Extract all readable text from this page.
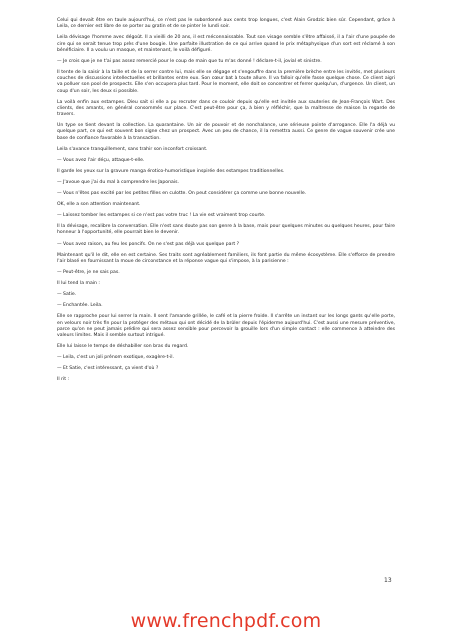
Celui qui devait être en taule aujourd'hui, ce n'est pas le subordonné aux cents trop longues, c'est Alain Grodzic bien sûr. Cependant, grâce à Leila, ce dernier est libre de se porter au gratin et de se pinter le lundi soir.

Leila dévisage l'homme avec dégoût. Il a vieilli de 20 ans, il est méconnaissable. Tout son visage semble s'être affaissé, il a l'air d'une poupée de cire qui se serait tenue trop près d'une bougie. Une parfaite illustration de ce qui arrive quand le prix métaphysique d'un sort est réclamé à son bénéficiaire. Il a voulu un masque, et maintenant, le voilà défiguré.

— Je crois que je ne t'ai pas assez remercié pour le coup de main que tu m'as donné ! déclare-t-il, jovial et sinistre.

Il tente de la saisir à la taille et de la serrer contre lui, mais elle se dégage et s'engouffre dans la première brèche entre les invités, met plusieurs couches de discussions intellectuelles et brillantes entre eux. Son cœur bat à toute allure. Il va falloir qu'elle fasse quelque chose. Ce client aigri va polluer son pool de prospects. Elle s'en occupera plus tard. Pour le moment, elle doit se concentrer et ferrer quelqu'un, d'urgence. Un client, un coup d'un soir, les deux si possible.

La voilà enfin aux estampes. Dieu sait si elle a pu recruter dans ce couloir depuis qu'elle est invitée aux sauteries de Jean-François Wart. Des clients, des amants, en général consommés sur place. C'est peut-être pour ça, à bien y réfléchir, que la maîtresse de maison la regarde de travers.

Un type se tient devant la collection. La quarantaine. Un air de pouvoir et de nonchalance, une sérieuse pointe d'arrogance. Elle l'a déjà vu quelque part, ce qui est souvent bon signe chez un prospect. Avec un peu de chance, il la remettra aussi. Ce genre de vague souvenir crée une base de confiance favorable à la transaction.

Leila s'avance tranquillement, sans trahir son inconfort croissant.

— Vous avez l'air déçu, attaque-t-elle.

Il garde les yeux sur la gravure manga érotico-humoristique inspirée des estampes traditionnelles.

— J'avoue que j'ai du mal à comprendre les Japonais.

— Vous n'êtes pas excité par les petites filles en culotte. On peut considérer ça comme une bonne nouvelle.

OK, elle a son attention maintenant.

— Laissez tomber les estampes si ce n'est pas votre truc ! La vie est vraiment trop courte.

Il la dévisage, recalibre la conversation. Elle n'est sans doute pas son genre à la base, mais pour quelques minutes ou quelques heures, pour faire honneur à l'opportunité, elle pourrait bien le devenir.

— Vous avez raison, au feu les poncifs. On ne s'est pas déjà vus quelque part ?

Maintenant qu'il le dit, elle en est certaine. Ses traits sont agréablement familiers, ils font partie du même écosystème. Elle s'efforce de prendre l'air blasé en fournissant la moue de circonstance et la réponse vague qui s'impose, à la parisienne :

— Peut-être, je ne sais pas.

Il lui tend la main :

— Satie.

— Enchantée. Leila.

Elle se rapproche pour lui serrer la main. Il sent l'amande grillée, le café et la pierre froide. Il s'arrête un instant sur les longs gants qu'elle porte, en velours noir très fin pour la protéger des métaux qui ont décidé de la brûler depuis l'épiderme aujourd'hui. C'est aussi une mesure préventive, parce qu'on ne peut jamais prédire qui sera assez sensible pour percevoir la grouille lors d'un simple contact : elle commence à atteindre des valeurs limites. Mais il semble surtout intrigué.

Elle lui laisse le temps de déshabiller son bras du regard.

— Leila, c'est un joli prénom exotique, exagère-t-il.

— Et Satie, c'est intéressant, ça vient d'où ?

Il rit :

13
www.frenchpdf.com
